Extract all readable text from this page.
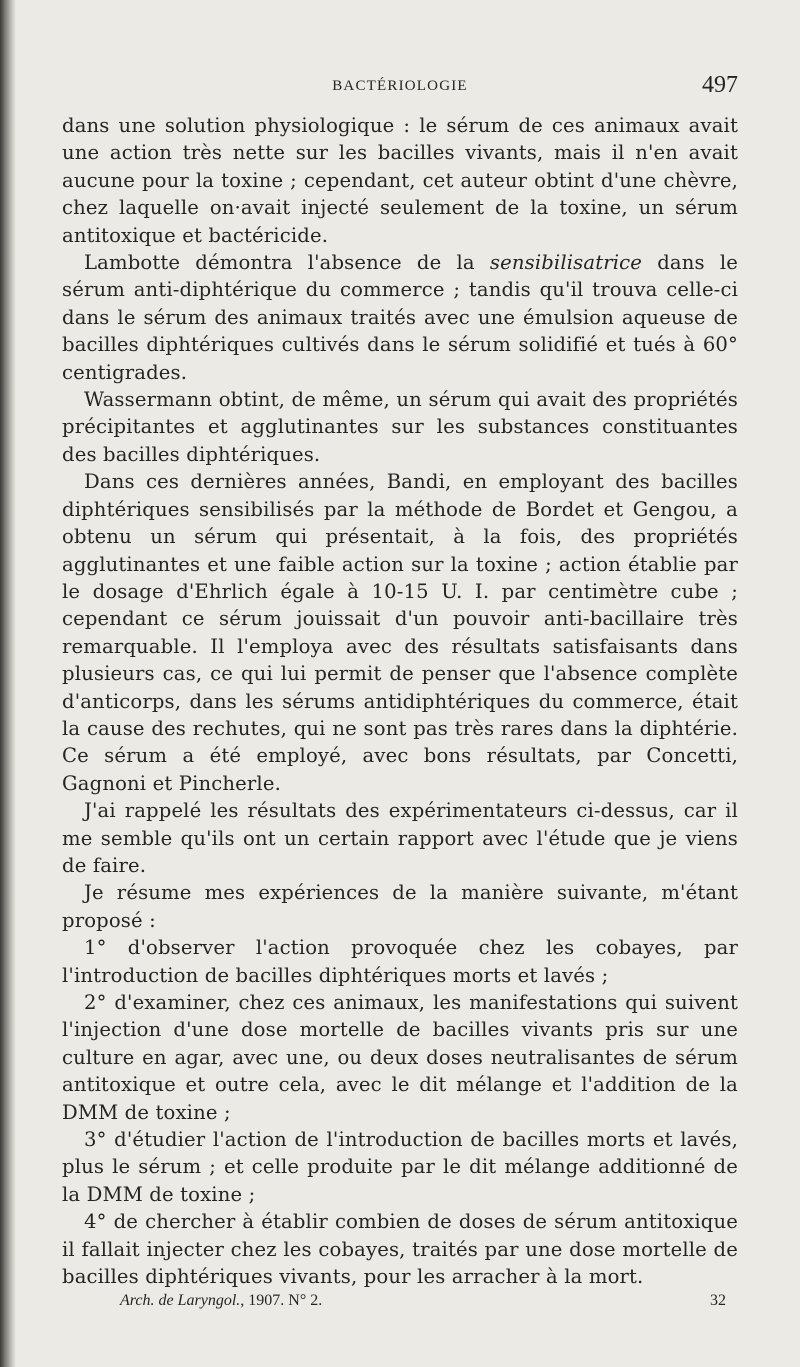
BACTÉRIOLOGIE	497

dans une solution physiologique : le sérum de ces animaux avait une action très nette sur les bacilles vivants, mais il n'en avait aucune pour la toxine ; cependant, cet auteur obtint d'une chèvre, chez laquelle on·avait injecté seulement de la toxine, un sérum antitoxique et bactéricide.

Lambotte démontra l'absence de la sensibilisatrice dans le sérum anti-diphtérique du commerce ; tandis qu'il trouva celle-ci dans le sérum des animaux traités avec une émulsion aqueuse de bacilles diphtériques cultivés dans le sérum solidifié et tués à 60° centigrades.

Wassermann obtint, de même, un sérum qui avait des propriétés précipitantes et agglutinantes sur les substances constituantes des bacilles diphtériques.

Dans ces dernières années, Bandi, en employant des bacilles diphtériques sensibilisés par la méthode de Bordet et Gengou, a obtenu un sérum qui présentait, à la fois, des propriétés agglutinantes et une faible action sur la toxine ; action établie par le dosage d'Ehrlich égale à 10-15 U. I. par centimètre cube ; cependant ce sérum jouissait d'un pouvoir anti-bacillaire très remarquable. Il l'employa avec des résultats satisfaisants dans plusieurs cas, ce qui lui permit de penser que l'absence complète d'anticorps, dans les sérums antidiphtériques du commerce, était la cause des rechutes, qui ne sont pas très rares dans la diphtérie. Ce sérum a été employé, avec bons résultats, par Concetti, Gagnoni et Pincherle.

J'ai rappelé les résultats des expérimentateurs ci-dessus, car il me semble qu'ils ont un certain rapport avec l'étude que je viens de faire.

Je résume mes expériences de la manière suivante, m'étant proposé :

1° d'observer l'action provoquée chez les cobayes, par l'introduction de bacilles diphtériques morts et lavés ;

2° d'examiner, chez ces animaux, les manifestations qui suivent l'injection d'une dose mortelle de bacilles vivants pris sur une culture en agar, avec une, ou deux doses neutralisantes de sérum antitoxique et outre cela, avec le dit mélange et l'addition de la DMM de toxine ;

3° d'étudier l'action de l'introduction de bacilles morts et lavés, plus le sérum ; et celle produite par le dit mélange additionné de la DMM de toxine ;

4° de chercher à établir combien de doses de sérum antitoxique il fallait injecter chez les cobayes, traités par une dose mortelle de bacilles diphtériques vivants, pour les arracher à la mort.

Arch. de Laryngol., 1907. N° 2.	32
